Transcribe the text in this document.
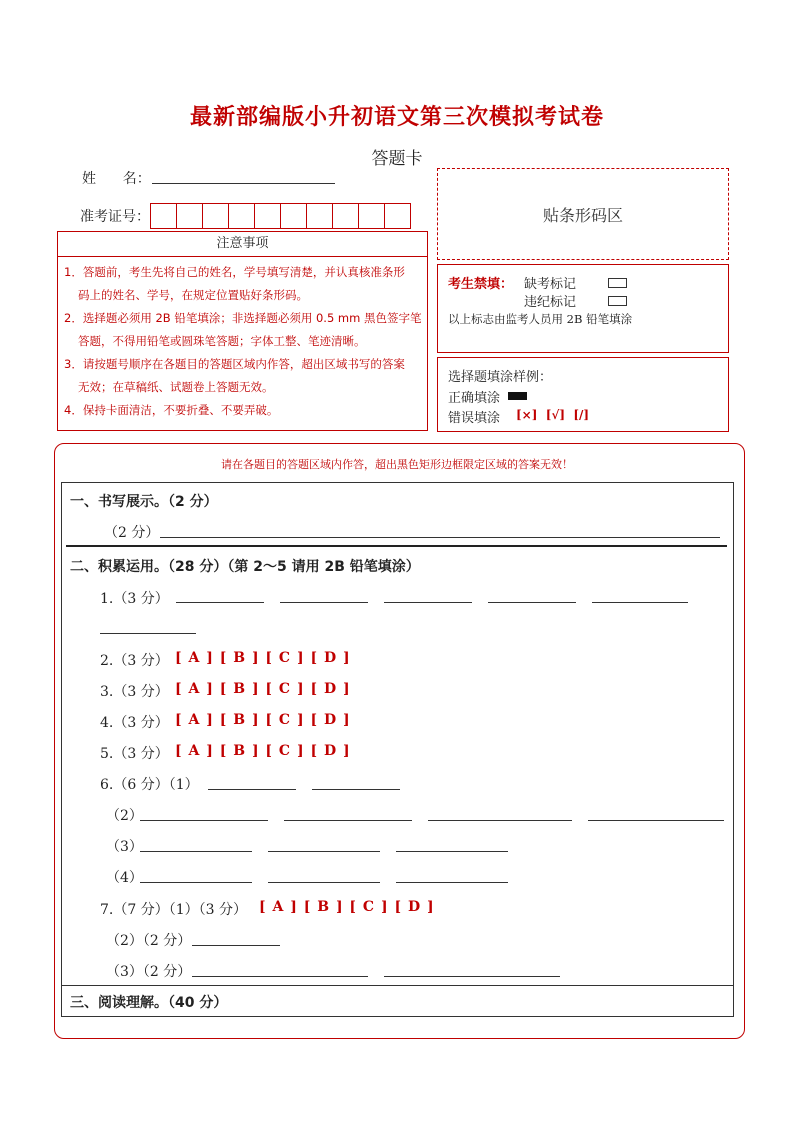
最新部编版小升初语文第三次模拟考试卷
答题卡
姓      名：
准考证号：	贴条形码区
注意事项
1．答题前，考生先将自己的姓名，学号填写清楚，并认真核准条形
码上的姓名、学号，在规定位置贴好条形码。
2．选择题必须用 2B 铅笔填涂；非选择题必须用 0.5 mm 黑色签字笔
答题，不得用铅笔或圆珠笔答题；字体工整、笔迹清晰。
3．请按题号顺序在各题目的答题区域内作答，超出区域书写的答案
无效；在草稿纸、试题卷上答题无效。
4．保持卡面清洁，不要折叠、不要弄破。
考生禁填： 缺考标记
违纪标记
以上标志由监考人员用 2B 铅笔填涂
选择题填涂样例：
正确填涂
错误填涂 [×]  [√]  [/]
请在各题目的答题区域内作答，超出黑色矩形边框限定区域的答案无效！
一、书写展示。（2 分）
（2 分）
二、积累运用。（28 分）（第 2～5 请用 2B 铅笔填涂）
1.（3 分）
2.（3 分） [ A ] [ B ] [ C ] [ D ]
3.（3 分） [ A ] [ B ] [ C ] [ D ]
4.（3 分） [ A ] [ B ] [ C ] [ D ]
5.（3 分） [ A ] [ B ] [ C ] [ D ]
6.（6 分）（1）
（2）
（3）
（4）
7.（7 分）（1）（3 分） [ A ] [ B ] [ C ] [ D ]
（2）（2 分）
（3）（2 分）
三、阅读理解。（40 分）
